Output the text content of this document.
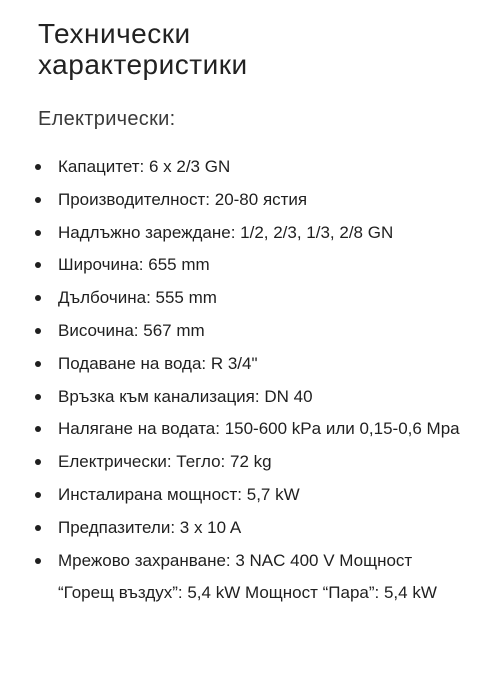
Технически
характеристики
Електрически:
Капацитет: 6 x 2/3 GN
Производителност: 20-80 ястия
Надлъжно зареждане: 1/2, 2/3, 1/3, 2/8 GN
Широчина: 655 mm
Дълбочина: 555 mm
Височина: 567 mm
Подаване на вода: R 3/4"
Връзка към канализация: DN 40
Налягане на водата: 150-600 kPa или 0,15-0,6 Mpa
Електрически: Тегло: 72 kg
Инсталирана мощност: 5,7 kW
Предпазители: 3 x 10 A
Мрежово захранване: 3 NAC 400 V Мощност “Горещ въздух”: 5,4 kW Мощност “Пара”: 5,4 kW
